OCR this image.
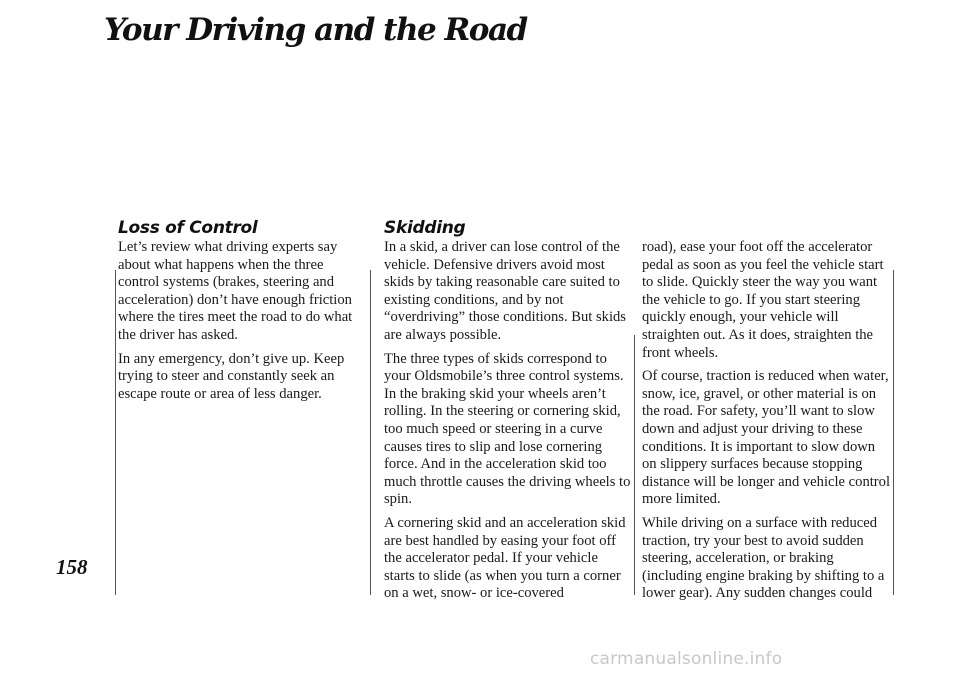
Your Driving and the Road
Loss of Control

Let’s review what driving experts say about what happens when the three control systems (brakes, steering and acceleration) don’t have enough friction where the tires meet the road to do what the driver has asked.

In any emergency, don’t give up. Keep trying to steer and constantly seek an escape route or area of less danger.

Skidding

In a skid, a driver can lose control of the vehicle. Defensive drivers avoid most skids by taking reasonable care suited to existing conditions, and by not “overdriving” those conditions. But skids are always possible.

The three types of skids correspond to your Oldsmobile’s three control systems. In the braking skid your wheels aren’t rolling. In the steering or cornering skid, too much speed or steering in a curve causes tires to slip and lose cornering force. And in the acceleration skid too much throttle causes the driving wheels to spin.

A cornering skid and an acceleration skid are best handled by easing your foot off the accelerator pedal. If your vehicle starts to slide (as when you turn a corner on a wet, snow- or ice-covered

road), ease your foot off the accelerator pedal as soon as you feel the vehicle start to slide. Quickly steer the way you want the vehicle to go. If you start steering quickly enough, your vehicle will straighten out. As it does, straighten the front wheels.

Of course, traction is reduced when water, snow, ice, gravel, or other material is on the road. For safety, you’ll want to slow down and adjust your driving to these conditions. It is important to slow down on slippery surfaces because stopping distance will be longer and vehicle control more limited.

While driving on a surface with reduced traction, try your best to avoid sudden steering, acceleration, or braking (including engine braking by shifting to a lower gear). Any sudden changes could

158
carmanualsonline.info
